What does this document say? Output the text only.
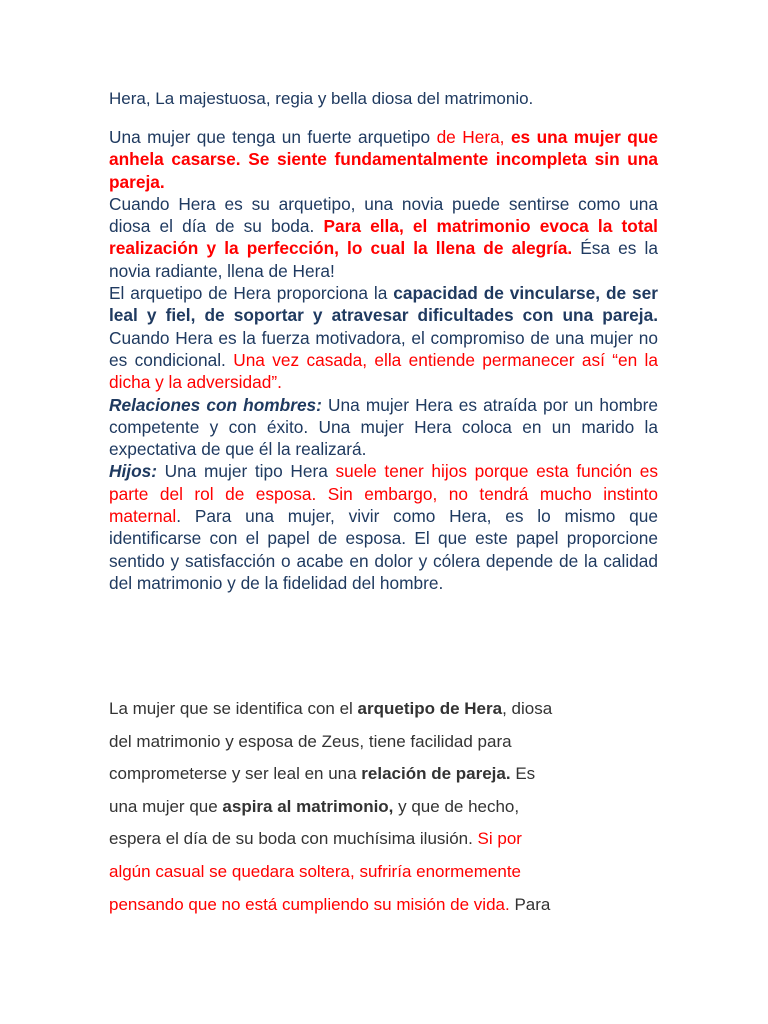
Hera, La majestuosa, regia y bella diosa del matrimonio.

Una mujer que tenga un fuerte arquetipo de Hera, es una mujer que anhela casarse. Se siente fundamentalmente incompleta sin una pareja.

Cuando Hera es su arquetipo, una novia puede sentirse como una diosa el día de su boda. Para ella, el matrimonio evoca la total realización y la perfección, lo cual la llena de alegría. Ésa es la novia radiante, llena de Hera!

El arquetipo de Hera proporciona la capacidad de vincularse, de ser leal y fiel, de soportar y atravesar dificultades con una pareja. Cuando Hera es la fuerza motivadora, el compromiso de una mujer no es condicional. Una vez casada, ella entiende permanecer así “en la dicha y la adversidad”.

Relaciones con hombres: Una mujer Hera es atraída por un hombre competente y con éxito. Una mujer Hera coloca en un marido la expectativa de que él la realizará.

Hijos: Una mujer tipo Hera suele tener hijos porque esta función es parte del rol de esposa. Sin embargo, no tendrá mucho instinto maternal. Para una mujer, vivir como Hera, es lo mismo que identificarse con el papel de esposa. El que este papel proporcione sentido y satisfacción o acabe en dolor y cólera depende de la calidad del matrimonio y de la fidelidad del hombre.

La mujer que se identifica con el arquetipo de Hera, diosa
del matrimonio y esposa de Zeus, tiene facilidad para
comprometerse y ser leal en una relación de pareja. Es
una mujer que aspira al matrimonio, y que de hecho,
espera el día de su boda con muchísima ilusión. Si por
algún casual se quedara soltera, sufriría enormemente
pensando que no está cumpliendo su misión de vida. Para
